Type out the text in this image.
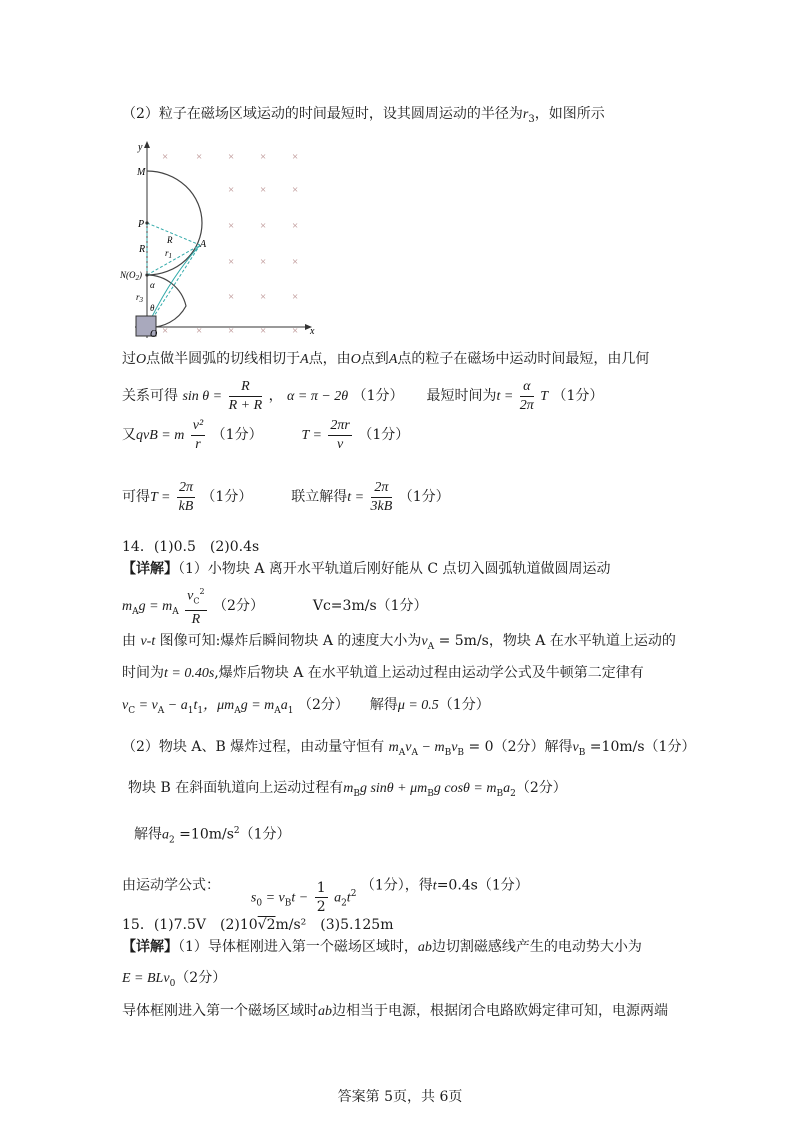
（2）粒子在磁场区域运动的时间最短时，设其圆周运动的半径为$r_3$，如图所示
y
x
×	× × × ×
× × ×
× × ×
× × ×
× × ×
×	× × × ×
M
P
R
R
$r_1$
A
$N(O_2)$
α
$r_3$
θ
O
过O点做半圆弧的切线相切于A点，由O点到A点的粒子在磁场中运动时间最短，由几何
关系可得 $\sin \theta = \frac{R}{R + R}$ ， α = π − 2θ （1分） 最短时间为$t = \frac{\alpha}{2\pi}$ T （1分）
又qvB = m $\frac{\text{v²}}{r} (1$分）	$T = \frac{2\pi r}{v} (1$分）
可得$T = \frac{2\pi}{kB} (1$分）	联立解得$t = \frac{2\pi}{3kB} (1$分）
14．(1)0.5　(2)0.4s
【详解】（1）小物块 A 离开水平轨道后刚好能从 C 点切入圆弧轨道做圆周运动
$m_Ag = m_A \frac{v_C^2}{R} (2$分）	Vc=3m/s（1分）
由 v-t 图像可知:爆炸后瞬间物块 A 的速度大小为$v_A = 5m/s$，物块 A 在水平轨道上运动的
时间为t = 0.40s,爆炸后物块 A 在水平轨道上运动过程由运动学公式及牛顿第二定律有
$v_C = v_A - a_1t_1$，$\mu m_Ag = m_Aa_1$ （2分） 解得μ = 0.5（1分）
（2）物块 A、B 爆炸过程，由动量守恒有 $m_Av_A - m_Bv_B = 0(2$分）解得$v_B =10m/s(1$分）
物块 B 在斜面轨道向上运动过程有$m_Bg$ $\sin\theta + \mu m_Bg$ $\cos\theta = m_Ba_2(2$分）
解得$a_2 =10m/s^2(1$分）
由运动学公式：  $s_0 = v_Bt - \frac{1}{2} a_2t^2$ （1分），得t=0.4s（1分）
15．(1)7.5V　(2)10√2m/s²　(3)5.125m
【详解】（1）导体框刚进入第一个磁场区域时，ab边切割磁感线产生的电动势大小为
E = BLv$_0$（2分）
导体框刚进入第一个磁场区域时ab边相当于电源，根据闭合电路欧姆定律可知，电源两端
答案第 5页，共 6页
